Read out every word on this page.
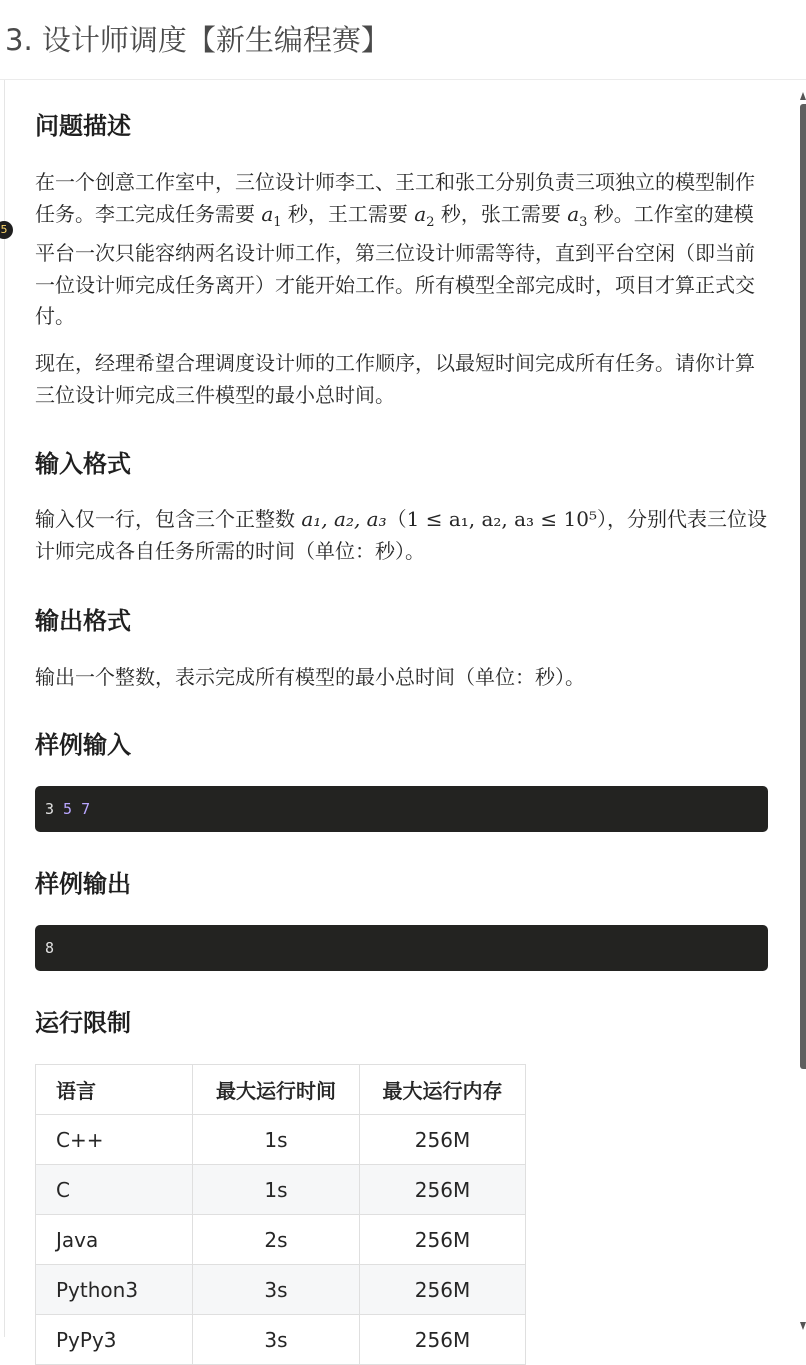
3. 设计师调度【新生编程赛】
5
问题描述
在一个创意工作室中，三位设计师李工、王工和张工分别负责三项独立的模型制作任务。李工完成任务需要 $a_1$ 秒，王工需要 $a_2$ 秒，张工需要 $a_3$ 秒。工作室的建模平台一次只能容纳两名设计师工作，第三位设计师需等待，直到平台空闲（即当前一位设计师完成任务离开）才能开始工作。所有模型全部完成时，项目才算正式交付。
现在，经理希望合理调度设计师的工作顺序，以最短时间完成所有任务。请你计算三位设计师完成三件模型的最小总时间。
输入格式
输入仅一行，包含三个正整数 a₁, a₂, a₃（1 ≤ a₁, a₂, a₃ ≤ 10⁵），分别代表三位设计师完成各自任务所需的时间（单位：秒）。
输出格式
输出一个整数，表示完成所有模型的最小总时间（单位：秒）。
样例输入
3 5 7
样例输出
8
运行限制
语言	最大运行时间	最大运行内存
C++	1s	256M
C	1s	256M
Java	2s	256M
Python3	3s	256M
PyPy3	3s	256M
